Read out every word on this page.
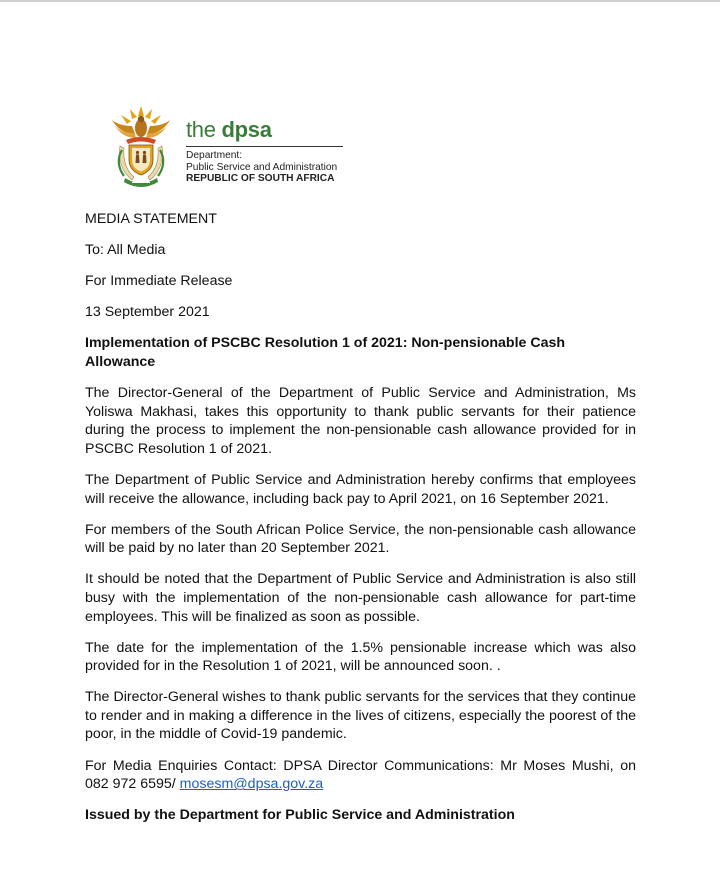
the dpsa
Department:
Public Service and Administration
REPUBLIC OF SOUTH AFRICA

MEDIA STATEMENT

To: All Media

For Immediate Release

13 September 2021

Implementation of PSCBC Resolution 1 of 2021: Non-pensionable Cash Allowance

The Director-General of the Department of Public Service and Administration, Ms Yoliswa Makhasi, takes this opportunity to thank public servants for their patience during the process to implement the non-pensionable cash allowance provided for in PSCBC Resolution 1 of 2021.

The Department of Public Service and Administration hereby confirms that employees will receive the allowance, including back pay to April 2021, on 16 September 2021.

For members of the South African Police Service, the non-pensionable cash allowance will be paid by no later than 20 September 2021.

It should be noted that the Department of Public Service and Administration is also still busy with the implementation of the non-pensionable cash allowance for part-time employees. This will be finalized as soon as possible.

The date for the implementation of the 1.5% pensionable increase which was also provided for in the Resolution 1 of 2021, will be announced soon. .

The Director-General wishes to thank public servants for the services that they continue to render and in making a difference in the lives of citizens, especially the poorest of the poor, in the middle of Covid-19 pandemic.

For Media Enquiries Contact: DPSA Director Communications: Mr Moses Mushi, on 082 972 6595/ mosesm@dpsa.gov.za

Issued by the Department for Public Service and Administration
